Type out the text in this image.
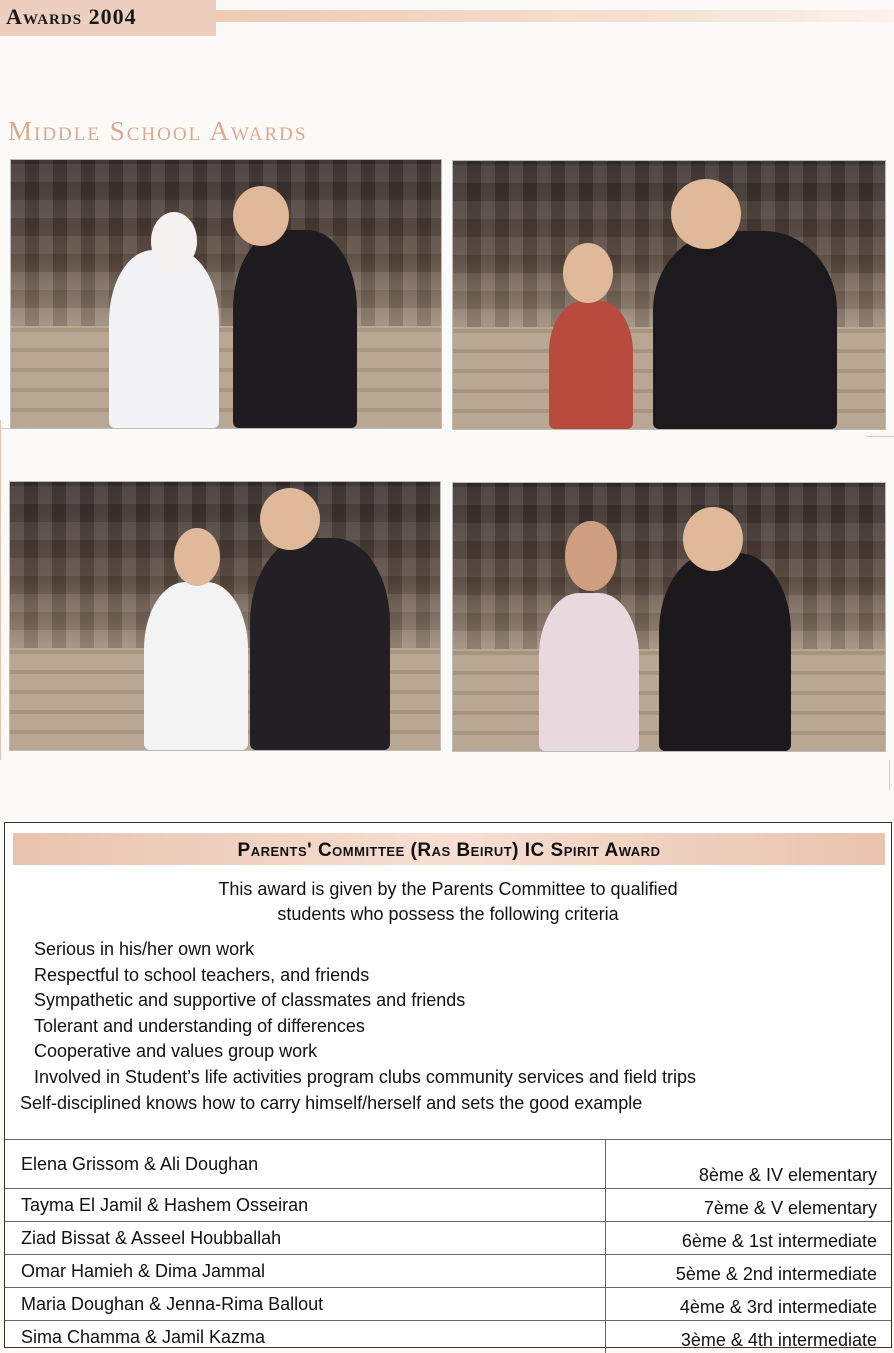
Awards 2004
Middle School Awards
Parents' Committee (Ras Beirut) IC Spirit Award
This award is given by the Parents Committee to qualified
students who possess the following criteria
Serious in his/her own work
Respectful to school teachers, and friends
Sympathetic and supportive of classmates and friends
Tolerant and understanding of differences
Cooperative and values group work
Involved in Student’s life activities program clubs community services and field trips
Self-disciplined knows how to carry himself/herself and sets the good example
Elena Grissom & Ali Doughan	8ème & IV elementary
Tayma El Jamil & Hashem Osseiran	7ème & V elementary
Ziad Bissat & Asseel Houbballah	6ème & 1st intermediate
Omar Hamieh & Dima Jammal	5ème & 2nd intermediate
Maria Doughan & Jenna-Rima Ballout	4ème & 3rd intermediate
Sima Chamma & Jamil Kazma	3ème & 4th intermediate
